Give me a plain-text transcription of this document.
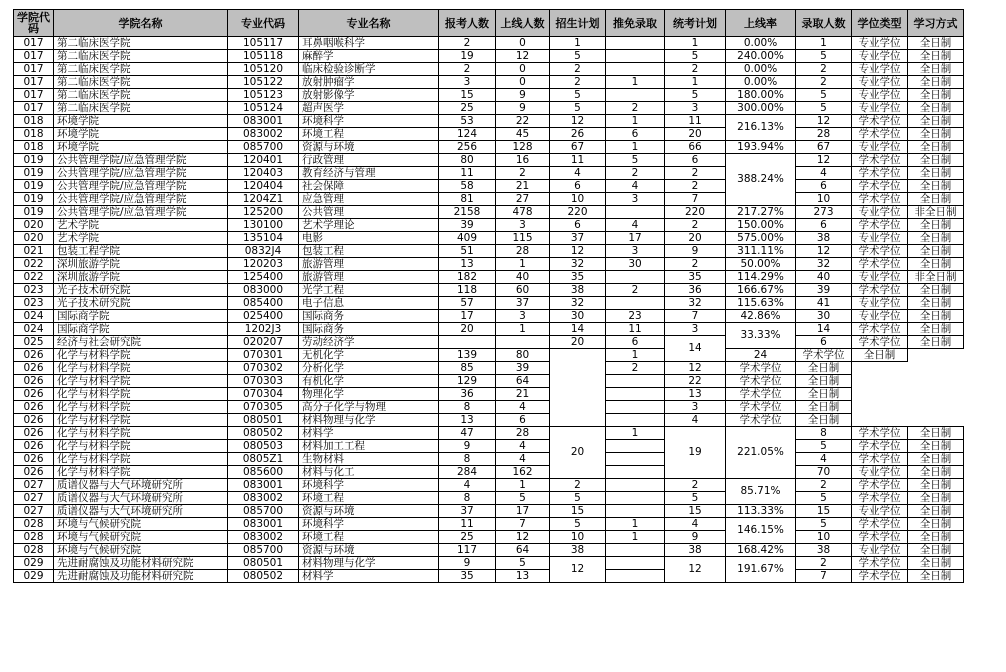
学院代码	学院名称	专业代码	专业名称	报考人数	上线人数	招生计划	推免录取	统考计划	上线率	录取人数	学位类型	学习方式
017	第二临床医学院	105117	耳鼻咽喉科学	2	0	1		1	0.00%	1	专业学位	全日制
017	第二临床医学院	105118	麻醉学	19	12	5		5	240.00%	5	专业学位	全日制
017	第二临床医学院	105120	临床检验诊断学	2	0	2		2	0.00%	2	专业学位	全日制
017	第二临床医学院	105122	放射肿瘤学	3	0	2	1	1	0.00%	2	专业学位	全日制
017	第二临床医学院	105123	放射影像学	15	9	5		5	180.00%	5	专业学位	全日制
017	第二临床医学院	105124	超声医学	25	9	5	2	3	300.00%	5	专业学位	全日制
018	环境学院	083001	环境科学	53	22	12	1	11	216.13%	12	学术学位	全日制
018	环境学院	083002	环境工程	124	45	26	6	20		28	学术学位	全日制
018	环境学院	085700	资源与环境	256	128	67	1	66	193.94%	67	专业学位	全日制
019	公共管理学院/应急管理学院	120401	行政管理	80	16	11	5	6	388.24%	12	学术学位	全日制
019	公共管理学院/应急管理学院	120403	教育经济与管理	11	2	4	2	2		4	学术学位	全日制
019	公共管理学院/应急管理学院	120404	社会保障	58	21	6	4	2		6	学术学位	全日制
019	公共管理学院/应急管理学院	1204Z1	应急管理	81	27	10	3	7		10	学术学位	全日制
019	公共管理学院/应急管理学院	125200	公共管理	2158	478	220		220	217.27%	273	专业学位	非全日制
020	艺术学院	130100	艺术学理论	39	3	6	4	2	150.00%	6	学术学位	全日制
020	艺术学院	135104	电影	409	115	37	17	20	575.00%	38	专业学位	全日制
021	包装工程学院	0832J4	包装工程	51	28	12	3	9	311.11%	12	学术学位	全日制
022	深圳旅游学院	120203	旅游管理	13	1	32	30	2	50.00%	32	学术学位	全日制
022	深圳旅游学院	125400	旅游管理	182	40	35		35	114.29%	40	专业学位	非全日制
023	光子技术研究院	083000	光学工程	118	60	38	2	36	166.67%	39	学术学位	全日制
023	光子技术研究院	085400	电子信息	57	37	32		32	115.63%	41	专业学位	全日制
024	国际商学院	025400	国际商务	17	3	30	23	7	42.86%	30	专业学位	全日制
024	国际商学院	1202J3	国际商务	20	1	14	11	3	33.33%	14	学术学位	全日制
025	经济与社会研究院	020207	劳动经济学			20	6	14		6	学术学位	全日制
026	化学与材料学院	070301	无机化学	139	80		1		24	学术学位	全日制	
026	化学与材料学院	070302	分析化学	85	39		2	12	学术学位	全日制		
026	化学与材料学院	070303	有机化学	129	64			22	学术学位	全日制		
026	化学与材料学院	070304	物理化学	36	21			13	学术学位	全日制		
026	化学与材料学院	070305	高分子化学与物理	8	4			3	学术学位	全日制		
026	化学与材料学院	080501	材料物理与化学	13	6			4	学术学位	全日制		
026	化学与材料学院	080502	材料学	47	28	20	1	19	221.05%	8	学术学位	全日制
026	化学与材料学院	080503	材料加工工程	9	4					5	学术学位	全日制
026	化学与材料学院	0805Z1	生物材料	8	4					4	学术学位	全日制
026	化学与材料学院	085600	材料与化工	284	162					70	专业学位	全日制
027	质谱仪器与大气环境研究所	083001	环境科学	4	1	2		2	85.71%	2	学术学位	全日制
027	质谱仪器与大气环境研究所	083002	环境工程	8	5	5		5		5	学术学位	全日制
027	质谱仪器与大气环境研究所	085700	资源与环境	37	17	15		15	113.33%	15	专业学位	全日制
028	环境与气候研究院	083001	环境科学	11	7	5	1	4	146.15%	5	学术学位	全日制
028	环境与气候研究院	083002	环境工程	25	12	10	1	9		10	学术学位	全日制
028	环境与气候研究院	085700	资源与环境	117	64	38		38	168.42%	38	专业学位	全日制
029	先进耐腐蚀及功能材料研究院	080501	材料物理与化学	9	5	12		12	191.67%	2	学术学位	全日制
029	先进耐腐蚀及功能材料研究院	080502	材料学	35	13					7	学术学位	全日制
